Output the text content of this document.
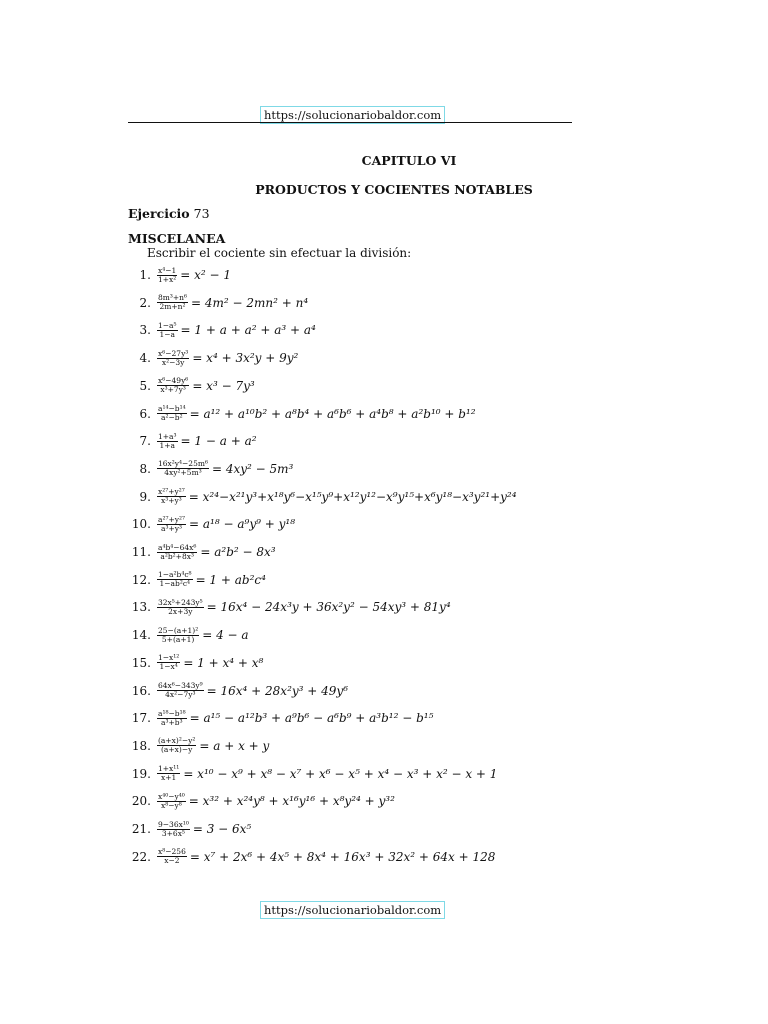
https://solucionariobaldor.com
CAPITULO VI
PRODUCTOS Y COCIENTES NOTABLES
Ejercicio 73
MISCELANEA
Escribir el cociente sin efectuar la división:
1. $\frac{\text{x⁴−1}}{\text{1+x²}} = x^2 - 1$
2. $\frac{\text{8m³+n⁶}}{\text{2m+n²}} = 4m^2 - 2mn^2 + n^4$
3. $\frac{\text{1−a⁵}}{1-a} = 1 + a + a^2 + a^3 + a^4$
4. $\frac{\text{x⁶−27y³}}{\text{x²−3y}} = x^4 + 3x^2y + 9y^2$
5. $\frac{\text{x⁶−49y⁶}}{\text{x³+7y³}} = x^3 - 7y^3$
6. $\frac{\text{a¹⁴−b¹⁴}}{\text{a²−b²}} = a^{12} + a^{10}b^2 + a^8b^4 + a^6b^6 + a^4b^8 + a^2b^{10} + b^{12}$
7. $\frac{\text{1+a³}}{1+a} = 1 - a + a^2$
8. $\frac{\text{16x²y⁴−25m⁶}}{\text{4xy²+5m³}} = 4xy^2 - 5m^3$
9. $\frac{\text{x²⁷+y²⁷}}{\text{x³+y³}} = x^{24}-x^{21}y^3+x^{18}y^6-x^{15}y^9+x^{12}y^{12}-x^9y^{15}+x^6y^{18}-x^3y^{21}+y^{24}$
10. $\frac{\text{a²⁷+y²⁷}}{\text{a³+y³}} = a^{18} - a^9y^9 + y^{18}$
11. $\frac{\text{a⁴b⁴−64x⁶}}{\text{a²b²+8x³}} = a^2b^2 - 8x^3$
12. $\frac{\text{1−a²b⁴c⁸}}{\text{1−ab²c⁴}} = 1 + ab^2c^4$
13. $\frac{\text{32x⁵+243y⁵}}{2x+3y} = 16x^4 - 24x^3y + 36x^2y^2 - 54xy^3 + 81y^4$
14. $\frac{\text{25−(a+1)²}}{5+(a+1)} = 4 - a$
15. $\frac{\text{1−x¹²}}{\text{1−x⁴}} = 1 + x^4 + x^8$
16. $\frac{\text{64x⁶−343y⁹}}{\text{4x²−7y³}} = 16x^4 + 28x^2y^3 + 49y^6$
17. $\frac{\text{a¹⁸−b¹⁸}}{\text{a³+b³}} = a^{15} - a^{12}b^3 + a^9b^6 - a^6b^9 + a^3b^{12} - b^{15}$
18. $\frac{\text{(a+x)²−y²}}{(a+x)-y} = a + x + y$
19. $\frac{\text{1+x¹¹}}{x+1} = x^{10} - x^9 + x^8 - x^7 + x^6 - x^5 + x^4 - x^3 + x^2 - x + 1$
20. $\frac{\text{x⁴⁰−y⁴⁰}}{\text{x⁸−y⁸}} = x^{32} + x^{24}y^8 + x^{16}y^{16} + x^8y^{24} + y^{32}$
21. $\frac{\text{9−36x¹⁰}}{\text{3+6x⁵}} = 3 - 6x^5$
22. $\frac{\text{x⁸−256}}{x-2} = x^7 + 2x^6 + 4x^5 + 8x^4 + 16x^3 + 32x^2 + 64x + 128$
https://solucionariobaldor.com
